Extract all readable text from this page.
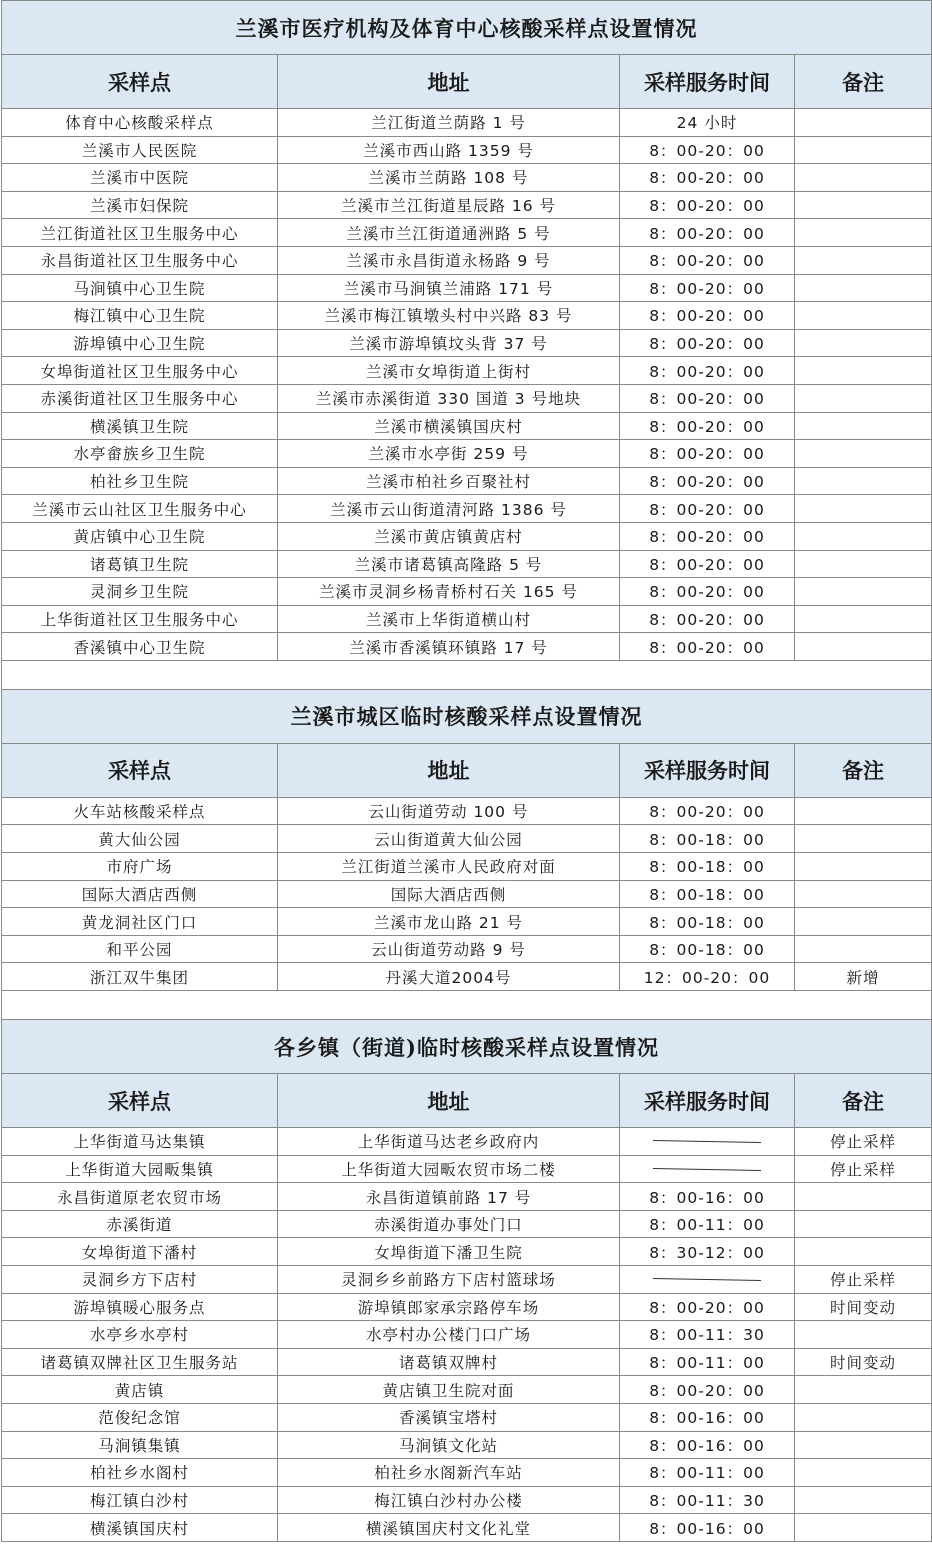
兰溪市医疗机构及体育中心核酸采样点设置情况			
采样点	地址	采样服务时间	备注
体育中心核酸采样点	兰江街道兰荫路 1 号	24 小时	
兰溪市人民医院	兰溪市西山路 1359 号	8：00-20：00	
兰溪市中医院	兰溪市兰荫路 108 号	8：00-20：00	
兰溪市妇保院	兰溪市兰江街道星辰路 16 号	8：00-20：00	
兰江街道社区卫生服务中心	兰溪市兰江街道通洲路 5 号	8：00-20：00	
永昌街道社区卫生服务中心	兰溪市永昌街道永杨路 9 号	8：00-20：00	
马涧镇中心卫生院	兰溪市马涧镇兰浦路 171 号	8：00-20：00	
梅江镇中心卫生院	兰溪市梅江镇墩头村中兴路 83 号	8：00-20：00	
游埠镇中心卫生院	兰溪市游埠镇坟头背 37 号	8：00-20：00	
女埠街道社区卫生服务中心	兰溪市女埠街道上街村	8：00-20：00	
赤溪街道社区卫生服务中心	兰溪市赤溪街道 330 国道 3 号地块	8：00-20：00	
横溪镇卫生院	兰溪市横溪镇国庆村	8：00-20：00	
水亭畲族乡卫生院	兰溪市水亭街 259 号	8：00-20：00	
柏社乡卫生院	兰溪市柏社乡百聚社村	8：00-20：00	
兰溪市云山社区卫生服务中心	兰溪市云山街道清河路 1386 号	8：00-20：00	
黄店镇中心卫生院	兰溪市黄店镇黄店村	8：00-20：00	
诸葛镇卫生院	兰溪市诸葛镇高隆路 5 号	8：00-20：00	
灵洞乡卫生院	兰溪市灵洞乡杨青桥村石关 165 号	8：00-20：00	
上华街道社区卫生服务中心	兰溪市上华街道横山村	8：00-20：00	
香溪镇中心卫生院	兰溪市香溪镇环镇路 17 号	8：00-20：00	

兰溪市城区临时核酸采样点设置情况			
采样点	地址	采样服务时间	备注
火车站核酸采样点	云山街道劳动 100 号	8：00-20：00	
黄大仙公园	云山街道黄大仙公园	8：00-18：00	
市府广场	兰江街道兰溪市人民政府对面	8：00-18：00	
国际大酒店西侧	国际大酒店西侧	8：00-18：00	
黄龙洞社区门口	兰溪市龙山路 21 号	8：00-18：00	
和平公园	云山街道劳动路 9 号	8：00-18：00	
浙江双牛集团	丹溪大道2004号	12：00-20：00	新增

各乡镇（街道)临时核酸采样点设置情况			
采样点	地址	采样服务时间	备注
上华街道马达集镇	上华街道马达老乡政府内		停止采样
上华街道大园畈集镇	上华街道大园畈农贸市场二楼		停止采样
永昌街道原老农贸市场	永昌街道镇前路 17 号	8：00-16：00	
赤溪街道	赤溪街道办事处门口	8：00-11：00	
女埠街道下潘村	女埠街道下潘卫生院	8：30-12：00	
灵洞乡方下店村	灵洞乡乡前路方下店村篮球场		停止采样
游埠镇暖心服务点	游埠镇郎家承宗路停车场	8：00-20：00	时间变动
水亭乡水亭村	水亭村办公楼门口广场	8：00-11：30	
诸葛镇双牌社区卫生服务站	诸葛镇双牌村	8：00-11：00	时间变动
黄店镇	黄店镇卫生院对面	8：00-20：00	
范俊纪念馆	香溪镇宝塔村	8：00-16：00	
马涧镇集镇	马涧镇文化站	8：00-16：00	
柏社乡水阁村	柏社乡水阁新汽车站	8：00-11：00	
梅江镇白沙村	梅江镇白沙村办公楼	8：00-11：30	
横溪镇国庆村	横溪镇国庆村文化礼堂	8：00-16：00	
